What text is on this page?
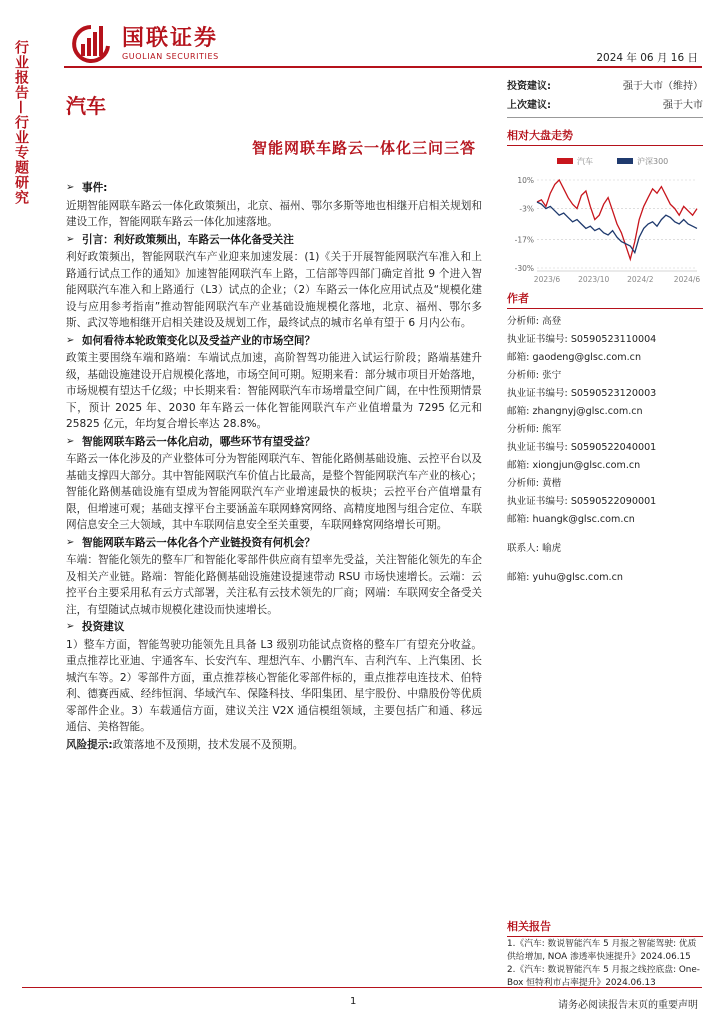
行业报告—行业专题研究
国联证券
GUOLIAN SECURITIES	2024 年 06 月 16 日
汽车
智能网联车路云一体化三问三答
➢ 事件:
近期智能网联车路云一体化政策频出，北京、福州、鄂尔多斯等地也相继开启相关规划和建设工作，智能网联车路云一体化加速落地。
➢ 引言：利好政策频出，车路云一体化备受关注
利好政策频出，智能网联汽车产业迎来加速发展：(1)《关于开展智能网联汽车准入和上路通行试点工作的通知》加速智能网联汽车上路，工信部等四部门确定首批 9 个进入智能网联汽车准入和上路通行（L3）试点的企业；（2）车路云一体化应用试点及“规模化建设与应用参考指南”推动智能网联汽车产业基础设施规模化落地，北京、福州、鄂尔多斯、武汉等地相继开启相关建设及规划工作，最终试点的城市名单有望于 6 月内公布。
➢ 如何看待本轮政策变化以及受益产业的市场空间？
政策主要围绕车端和路端：车端试点加速，高阶智驾功能进入试运行阶段；路端基建升级，基础设施建设开启规模化落地，市场空间可期。短期来看：部分城市项目开始落地，市场规模有望达千亿级；中长期来看：智能网联汽车市场增量空间广阔，在中性预期情景下，预计 2025 年、2030 年车路云一体化智能网联汽车产业值增量为 7295 亿元和 25825 亿元，年均复合增长率达 28.8%。
➢ 智能网联车路云一体化启动，哪些环节有望受益？
车路云一体化涉及的产业整体可分为智能网联汽车、智能化路侧基础设施、云控平台以及基础支撑四大部分。其中智能网联汽车价值占比最高，是整个智能网联汽车产业的核心；智能化路侧基础设施有望成为智能网联汽车产业增速最快的板块；云控平台产值增量有限，但增速可观；基础支撑平台主要涵盖车联网蜂窝网络、高精度地图与组合定位、车联网信息安全三大领域，其中车联网信息安全至关重要，车联网蜂窝网络增长可期。
➢ 智能网联车路云一体化各个产业链投资有何机会？
车端：智能化领先的整车厂和智能化零部件供应商有望率先受益，关注智能化领先的车企及相关产业链。路端：智能化路侧基础设施建设提速带动 RSU 市场快速增长。云端：云控平台主要采用私有云方式部署，关注私有云技术领先的厂商；网端：车联网安全备受关注，有望随试点城市规模化建设而快速增长。
➢ 投资建议
1）整车方面，智能驾驶功能领先且具备 L3 级别功能试点资格的整车厂有望充分收益。重点推荐比亚迪、宇通客车、长安汽车、理想汽车、小鹏汽车、吉利汽车、上汽集团、长城汽车等。2）零部件方面，重点推荐核心智能化零部件标的，重点推荐电连技术、伯特利、德赛西威、经纬恒润、华域汽车、保隆科技、华阳集团、星宇股份、中鼎股份等优质零部件企业。3）车载通信方面，建议关注 V2X 通信模组领域，主要包括广和通、移远通信、美格智能。
风险提示:政策落地不及预期，技术发展不及预期。
投资建议:	强于大市（维持）
上次建议:	强于大市
相对大盘走势
汽车	沪深300
10%
-3%
-17%
-30%
2023/6 2023/10 2024/2	2024/6
作者
分析师: 高登
执业证书编号: S0590523110004
邮箱: gaodeng@glsc.com.cn
分析师: 张宁
执业证书编号: S0590523120003
邮箱: zhangnyj@glsc.com.cn
分析师: 熊军
执业证书编号: S0590522040001
邮箱: xiongjun@glsc.com.cn
分析师: 黄楷
执业证书编号: S0590522090001
邮箱: huangk@glsc.com.cn
联系人: 喻虎
邮箱: yuhu@glsc.com.cn
相关报告
1.《汽车: 数说智能汽车 5 月报之智能驾驶: 优质供给增加, NOA 渗透率快速提升》2024.06.15
2.《汽车: 数说智能汽车 5 月报之线控底盘: One-Box 恒特利市占率提升》2024.06.13
1	请务必阅读报告末页的重要声明
